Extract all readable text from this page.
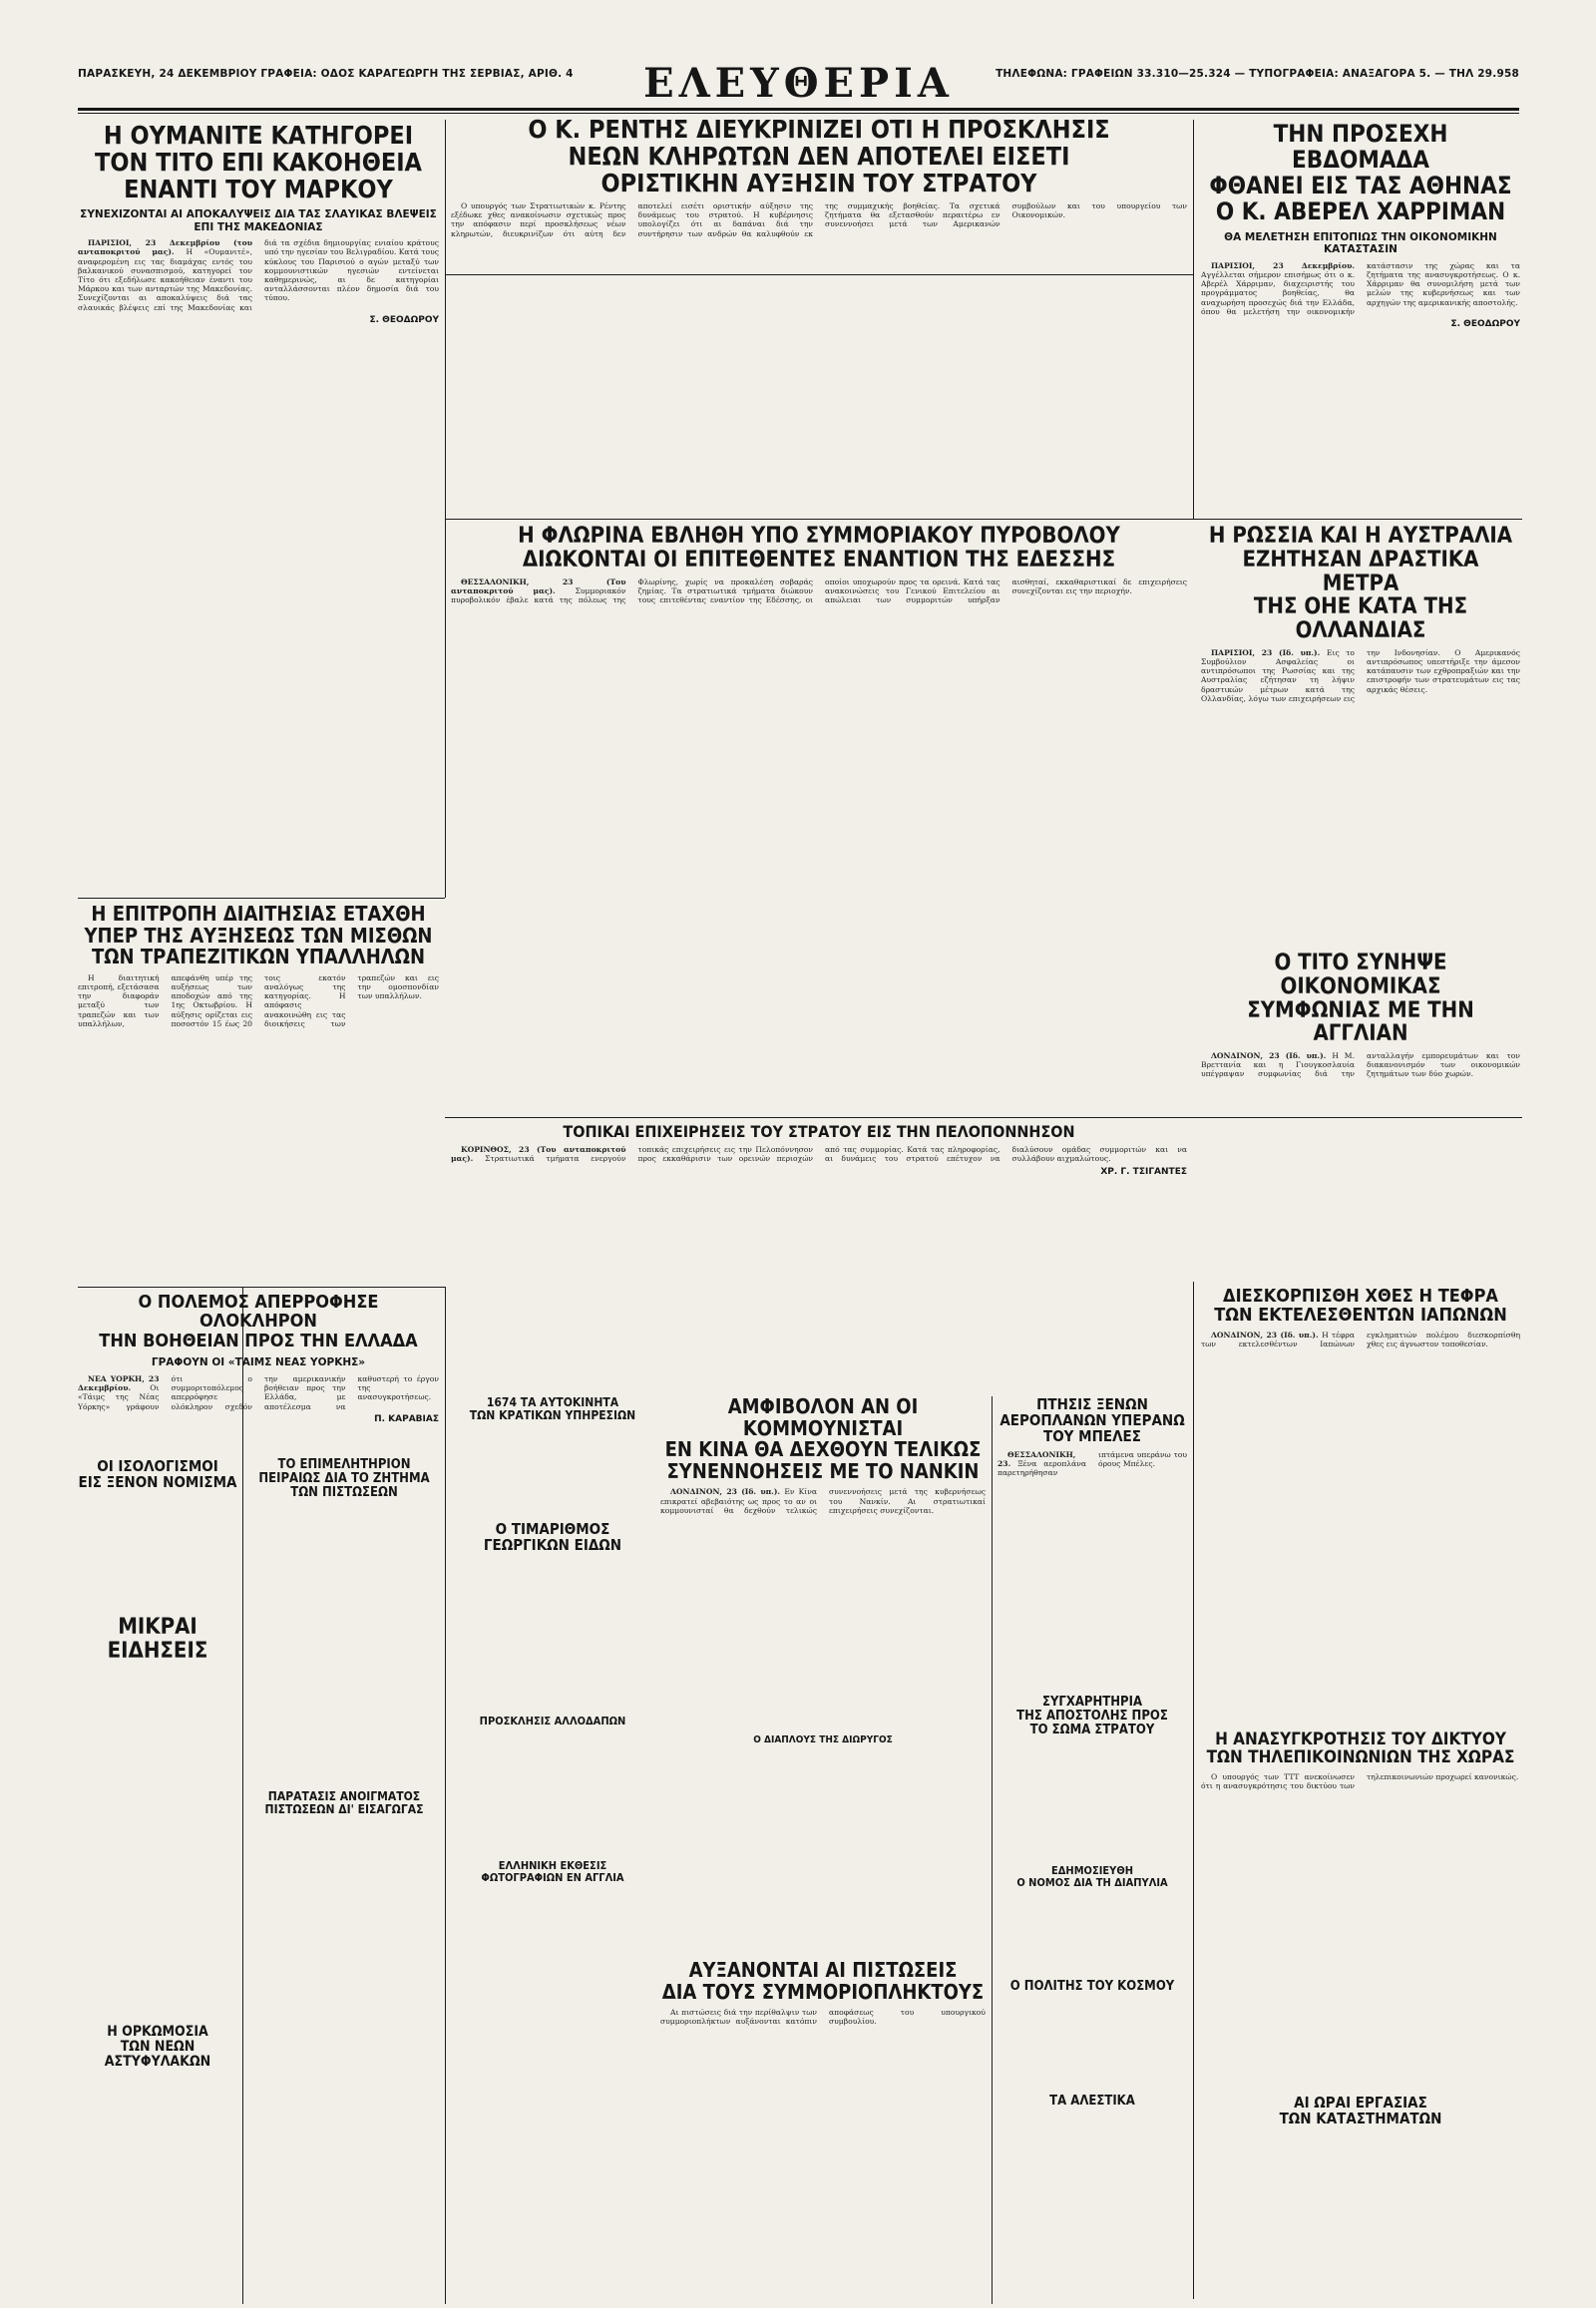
ΠΑΡΑΣΚΕΥΗ, 24 ΔΕΚΕΜΒΡΙΟΥ ΓΡΑΦΕΙΑ: ΟΔΟΣ ΚΑΡΑΓΕΩΡΓΗ ΤΗΣ ΣΕΡΒΙΑΣ, ΑΡΙΘ. 4	ΕΛΕΥΘΕΡΙΑ	ΤΗΛΕΦΩΝΑ: ΓΡΑΦΕΙΩΝ 33.310—25.324 — ΤΥΠΟΓΡΑΦΕΙΑ: ΑΝΑΞΑΓΟΡΑ 5. — ΤΗΛ 29.958
Η ΟΥΜΑΝΙΤΕ ΚΑΤΗΓΟΡΕΙ
ΤΟΝ ΤΙΤΟ ΕΠΙ ΚΑΚΟΗΘΕΙΑ
ΕΝΑΝΤΙ ΤΟΥ ΜΑΡΚΟΥ
ΣΥΝΕΧΙΖΟΝΤΑΙ ΑΙ ΑΠΟΚΑΛΥΨΕΙΣ ΔΙΑ ΤΑΣ ΣΛΑΥΙΚΑΣ ΒΛΕΨΕΙΣ ΕΠΙ ΤΗΣ ΜΑΚΕΔΟΝΙΑΣ

ΠΑΡΙΣΙΟΙ, 23 Δεκεμβρίου (του ανταποκριτού μας). Η «Ουμανιτέ», αναφερομένη εις τας διαμάχας εντός του βαλκανικού συνασπισμού, κατηγορεί τον Τίτο ότι εξεδήλωσε κακοήθειαν έναντι του Μάρκου και των ανταρτών της Μακεδονίας. Συνεχίζονται αι αποκαλύψεις διά τας σλαυικάς βλέψεις επί της Μακεδονίας και διά τα σχέδια δημιουργίας ενιαίου κράτους υπό την ηγεσίαν του Βελιγραδίου. Κατά τους κύκλους του Παρισιού ο αγών μεταξύ των κομμουνιστικών ηγεσιών εντείνεται καθημερινώς, αι δε κατηγορίαι ανταλλάσσονται πλέον δημοσία διά του τύπου.

Σ. ΘΕΟΔΩΡΟΥ
Ο Κ. ΡΕΝΤΗΣ ΔΙΕΥΚΡΙΝΙΖΕΙ ΟΤΙ Η ΠΡΟΣΚΛΗΣΙΣ
ΝΕΩΝ ΚΛΗΡΩΤΩΝ ΔΕΝ ΑΠΟΤΕΛΕΙ ΕΙΣΕΤΙ
ΟΡΙΣΤΙΚΗΝ ΑΥΞΗΣΙΝ ΤΟΥ ΣΤΡΑΤΟΥ

Ο υπουργός των Στρατιωτικών κ. Ρέντης εξέδωκε χθες ανακοίνωσιν σχετικώς προς την απόφασιν περί προσκλήσεως νέων κληρωτών, διευκρινίζων ότι αύτη δεν αποτελεί εισέτι οριστικήν αύξησιν της δυνάμεως του στρατού. Η κυβέρνησις υπολογίζει ότι αι δαπάναι διά την συντήρησιν των ανδρών θα καλυφθούν εκ της συμμαχικής βοηθείας. Τα σχετικά ζητήματα θα εξετασθούν περαιτέρω εν συνεννοήσει μετά των Αμερικανών συμβούλων και του υπουργείου των Οικονομικών.

ΤΗΝ ΠΡΟΣΕΧΗ ΕΒΔΟΜΑΔΑ
ΦΘΑΝΕΙ ΕΙΣ ΤΑΣ ΑΘΗΝΑΣ
Ο Κ. ΑΒΕΡΕΛ ΧΑΡΡΙΜΑΝ
ΘΑ ΜΕΛΕΤΗΣΗ ΕΠΙΤΟΠΙΩΣ ΤΗΝ ΟΙΚΟΝΟΜΙΚΗΝ ΚΑΤΑΣΤΑΣΙΝ

ΠΑΡΙΣΙΟΙ, 23 Δεκεμβρίου. Αγγέλλεται σήμερον επισήμως ότι ο κ. Αβερέλ Χάρριμαν, διαχειριστής του προγράμματος βοηθείας, θα αναχωρήση προσεχώς διά την Ελλάδα, όπου θα μελετήση την οικονομικήν κατάστασιν της χώρας και τα ζητήματα της ανασυγκροτήσεως. Ο κ. Χάρριμαν θα συνομιλήση μετά των μελών της κυβερνήσεως και των αρχηγών της αμερικανικής αποστολής.

Σ. ΘΕΟΔΩΡΟΥ
Η ΦΛΩΡΙΝΑ ΕΒΛΗΘΗ ΥΠΟ ΣΥΜΜΟΡΙΑΚΟΥ ΠΥΡΟΒΟΛΟΥ
ΔΙΩΚΟΝΤΑΙ ΟΙ ΕΠΙΤΕΘΕΝΤΕΣ ΕΝΑΝΤΙΟΝ ΤΗΣ ΕΔΕΣΣΗΣ

ΘΕΣΣΑΛΟΝΙΚΗ, 23 (Του ανταποκριτού μας). Συμμοριακόν πυροβολικόν έβαλε κατά της πόλεως της Φλωρίνης, χωρίς να προκαλέση σοβαράς ζημίας. Τα στρατιωτικά τμήματα διώκουν τους επιτεθέντας εναντίον της Εδέσσης, οι οποίοι υποχωρούν προς τα ορεινά. Κατά τας ανακοινώσεις του Γενικού Επιτελείου αι απώλειαι των συμμοριτών υπήρξαν αισθηταί, εκκαθαριστικαί δε επιχειρήσεις συνεχίζονται εις την περιοχήν.

Η ΡΩΣΣΙΑ ΚΑΙ Η ΑΥΣΤΡΑΛΙΑ
ΕΖΗΤΗΣΑΝ ΔΡΑΣΤΙΚΑ ΜΕΤΡΑ
ΤΗΣ ΟΗΕ ΚΑΤΑ ΤΗΣ ΟΛΛΑΝΔΙΑΣ

ΠΑΡΙΣΙΟΙ, 23 (Ιδ. υπ.). Εις το Συμβούλιον Ασφαλείας οι αντιπρόσωποι της Ρωσσίας και της Αυστραλίας εζήτησαν τη λήψιν δραστικών μέτρων κατά της Ολλανδίας, λόγω των επιχειρήσεων εις την Ινδονησίαν. Ο Αμερικανός αντιπρόσωπος υπεστήριξε την άμεσον κατάπαυσιν των εχθροπραξιών και την επιστροφήν των στρατευμάτων εις τας αρχικάς θέσεις.

Η ΕΠΙΤΡΟΠΗ ΔΙΑΙΤΗΣΙΑΣ ΕΤΑΧΘΗ
ΥΠΕΡ ΤΗΣ ΑΥΞΗΣΕΩΣ ΤΩΝ ΜΙΣΘΩΝ
ΤΩΝ ΤΡΑΠΕΖΙΤΙΚΩΝ ΥΠΑΛΛΗΛΩΝ

Η διαιτητική επιτροπή, εξετάσασα την διαφοράν μεταξύ των τραπεζών και των υπαλλήλων, απεφάνθη υπέρ της αυξήσεως των αποδοχών από της 1ης Οκτωβρίου. Η αύξησις ορίζεται εις ποσοστόν 15 έως 20 τοις εκατόν αναλόγως της κατηγορίας. Η απόφασις ανακοινώθη εις τας διοικήσεις των τραπεζών και εις την ομοσπονδίαν των υπαλλήλων.

Ο ΤΙΤΟ ΣΥΝΗΨΕ ΟΙΚΟΝΟΜΙΚΑΣ
ΣΥΜΦΩΝΙΑΣ ΜΕ ΤΗΝ ΑΓΓΛΙΑΝ

ΛΟΝΔΙΝΟΝ, 23 (Ιδ. υπ.). Η Μ. Βρεττανία και η Γιουγκοσλαυία υπέγραψαν συμφωνίας διά την ανταλλαγήν εμπορευμάτων και τον διακανονισμόν των οικονομικών ζητημάτων των δύο χωρών.

ΤΟΠΙΚΑΙ ΕΠΙΧΕΙΡΗΣΕΙΣ ΤΟΥ ΣΤΡΑΤΟΥ ΕΙΣ ΤΗΝ ΠΕΛΟΠΟΝΝΗΣΟΝ

ΚΟΡΙΝΘΟΣ, 23 (Του ανταποκριτού μας). Στρατιωτικά τμήματα ενεργούν τοπικάς επιχειρήσεις εις την Πελοπόννησον προς εκκαθάρισιν των ορεινών περιοχών από τας συμμορίας. Κατά τας πληροφορίας, αι δυνάμεις του στρατού επέτυχον να διαλύσουν ομάδας συμμοριτών και να συλλάβουν αιχμαλώτους.

ΧΡ. Γ. ΤΣΙΓΑΝΤΕΣ
Ο ΠΟΛΕΜΟΣ ΑΠΕΡΡΟΦΗΣΕ ΟΛΟΚΛΗΡΟΝ
ΤΗΝ ΒΟΗΘΕΙΑΝ ΠΡΟΣ ΤΗΝ ΕΛΛΑΔΑ
ΓΡΑΦΟΥΝ ΟΙ «ΤΑΙΜΣ ΝΕΑΣ ΥΟΡΚΗΣ»

ΝΕΑ ΥΟΡΚΗ, 23 Δεκεμβρίου. Οι «Τάιμς της Νέας Υόρκης» γράφουν ότι ο συμμοριτοπόλεμος απερρόφησε ολόκληρον σχεδόν την αμερικανικήν βοήθειαν προς την Ελλάδα, με αποτέλεσμα να καθυστερή το έργον της ανασυγκροτήσεως.

Π. ΚΑΡΑΒΙΑΣ
ΔΙΕΣΚΟΡΠΙΣΘΗ ΧΘΕΣ Η ΤΕΦΡΑ
ΤΩΝ ΕΚΤΕΛΕΣΘΕΝΤΩΝ ΙΑΠΩΝΩΝ

ΛΟΝΔΙΝΟΝ, 23 (Ιδ. υπ.). Η τέφρα των εκτελεσθέντων Ιαπώνων εγκληματιών πολέμου διεσκορπίσθη χθες εις άγνωστον τοποθεσίαν.

ΑΜΦΙΒΟΛΟΝ ΑΝ ΟΙ ΚΟΜΜΟΥΝΙΣΤΑΙ
ΕΝ ΚΙΝΑ ΘΑ ΔΕΧΘΟΥΝ ΤΕΛΙΚΩΣ
ΣΥΝΕΝΝΟΗΣΕΙΣ ΜΕ ΤΟ ΝΑΝΚΙΝ

ΛΟΝΔΙΝΟΝ, 23 (Ιδ. υπ.). Εν Κίνα επικρατεί αβεβαιότης ως προς το αν οι κομμουνισταί θα δεχθούν τελικώς συνεννοήσεις μετά της κυβερνήσεως του Νανκίν. Αι στρατιωτικαί επιχειρήσεις συνεχίζονται.

ΑΥΞΑΝΟΝΤΑΙ ΑΙ ΠΙΣΤΩΣΕΙΣ
ΔΙΑ ΤΟΥΣ ΣΥΜΜΟΡΙΟΠΛΗΚΤΟΥΣ

Αι πιστώσεις διά την περίθαλψιν των συμμοριοπλήκτων αυξάνονται κατόπιν αποφάσεως του υπουργικού συμβουλίου.

ΠΤΗΣΙΣ ΞΕΝΩΝ
ΑΕΡΟΠΛΑΝΩΝ ΥΠΕΡΑΝΩ
ΤΟΥ ΜΠΕΛΕΣ

ΘΕΣΣΑΛΟΝΙΚΗ, 23. Ξένα αεροπλάνα παρετηρήθησαν ιπτάμενα υπεράνω του όρους Μπέλες.

Η ΑΝΑΣΥΓΚΡΟΤΗΣΙΣ ΤΟΥ ΔΙΚΤΥΟΥ
ΤΩΝ ΤΗΛΕΠΙΚΟΙΝΩΝΙΩΝ ΤΗΣ ΧΩΡΑΣ

Ο υπουργός των ΤΤΤ ανεκοίνωσεν ότι η ανασυγκρότησις του δικτύου των τηλεπικοινωνιών προχωρεί κανονικώς.

ΟΙ ΙΣΟΛΟΓΙΣΜΟΙ
ΕΙΣ ΞΕΝΟΝ ΝΟΜΙΣΜΑ
ΜΙΚΡΑΙ ΕΙΔΗΣΕΙΣ
Η ΟΡΚΩΜΟΣΙΑ
ΤΩΝ ΝΕΩΝ ΑΣΤΥΦΥΛΑΚΩΝ
ΤΟ ΕΠΙΜΕΛΗΤΗΡΙΟΝ
ΠΕΙΡΑΙΩΣ ΔΙΑ ΤΟ ΖΗΤΗΜΑ
ΤΩΝ ΠΙΣΤΩΣΕΩΝ
ΠΑΡΑΤΑΣΙΣ ΑΝΟΙΓΜΑΤΟΣ
ΠΙΣΤΩΣΕΩΝ ΔΙ' ΕΙΣΑΓΩΓΑΣ
1674 ΤΑ ΑΥΤΟΚΙΝΗΤΑ
ΤΩΝ ΚΡΑΤΙΚΩΝ ΥΠΗΡΕΣΙΩΝ
Ο ΤΙΜΑΡΙΘΜΟΣ
ΓΕΩΡΓΙΚΩΝ ΕΙΔΩΝ
ΠΡΟΣΚΛΗΣΙΣ ΑΛΛΟΔΑΠΩΝ
ΕΛΛΗΝΙΚΗ ΕΚΘΕΣΙΣ
ΦΩΤΟΓΡΑΦΙΩΝ ΕΝ ΑΓΓΛΙΑ
ΣΥΓΧΑΡΗΤΗΡΙΑ
ΤΗΣ ΑΠΟΣΤΟΛΗΣ ΠΡΟΣ
ΤΟ ΣΩΜΑ ΣΤΡΑΤΟΥ
ΕΔΗΜΟΣΙΕΥΘΗ
Ο ΝΟΜΟΣ ΔΙΑ ΤΗ ΔΙΑΠΥΛΙΑ
Ο ΠΟΛΙΤΗΣ ΤΟΥ ΚΟΣΜΟΥ
ΤΑ ΑΛΕΣΤΙΚΑ
Ο ΔΙΑΠΛΟΥΣ ΤΗΣ ΔΙΩΡΥΓΟΣ
ΑΙ ΩΡΑΙ ΕΡΓΑΣΙΑΣ
ΤΩΝ ΚΑΤΑΣΤΗΜΑΤΩΝ
